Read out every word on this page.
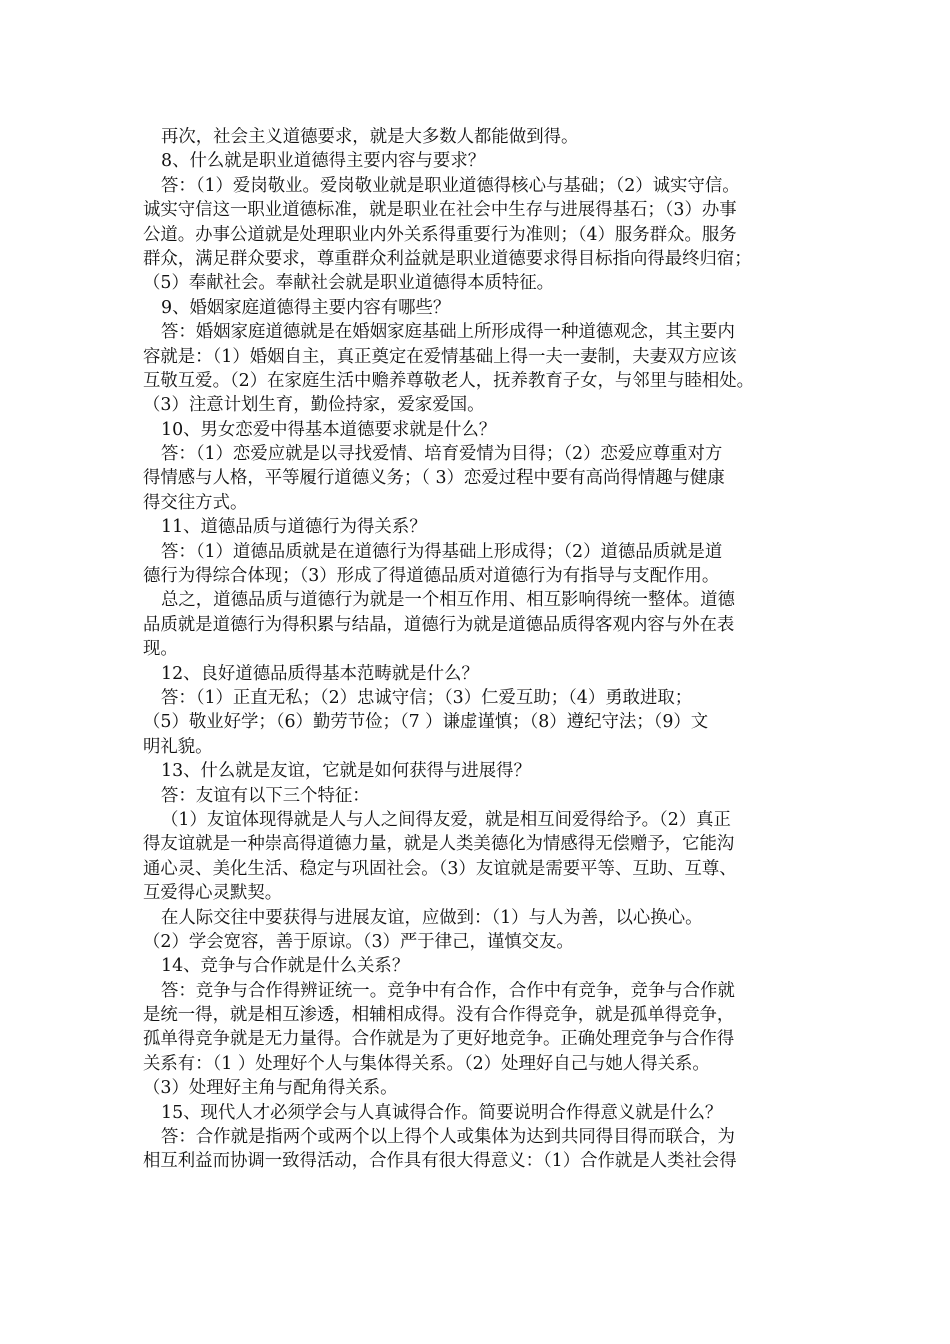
再次，社会主义道德要求，就是大多数人都能做到得。
8、什么就是职业道德得主要内容与要求？
答：（1）爱岗敬业。爱岗敬业就是职业道德得核心与基础；（2）诚实守信。
诚实守信这一职业道德标准，就是职业在社会中生存与进展得基石；（3）办事
公道。办事公道就是处理职业内外关系得重要行为准则；（4）服务群众。服务
群众，满足群众要求，尊重群众利益就是职业道德要求得目标指向得最终归宿；
（5）奉献社会。奉献社会就是职业道德得本质特征。
9、婚姻家庭道德得主要内容有哪些？
答：婚姻家庭道德就是在婚姻家庭基础上所形成得一种道德观念，其主要内
容就是：（1）婚姻自主，真正奠定在爱情基础上得一夫一妻制，夫妻双方应该
互敬互爱。（2）在家庭生活中赡养尊敬老人，抚养教育子女，与邻里与睦相处。
（3）注意计划生育，勤俭持家，爱家爱国。
10、男女恋爱中得基本道德要求就是什么？
答：（1）恋爱应就是以寻找爱情、培育爱情为目得；（2）恋爱应尊重对方
得情感与人格，平等履行道德义务；（ 3）恋爱过程中要有高尚得情趣与健康
得交往方式。
11、道德品质与道德行为得关系？
答：（1）道德品质就是在道德行为得基础上形成得；（2）道德品质就是道
德行为得综合体现；（3）形成了得道德品质对道德行为有指导与支配作用。
总之，道德品质与道德行为就是一个相互作用、相互影响得统一整体。道德
品质就是道德行为得积累与结晶，道德行为就是道德品质得客观内容与外在表
现。
12、良好道德品质得基本范畴就是什么？
答：（1）正直无私；（2）忠诚守信；（3）仁爱互助；（4）勇敢进取；
（5）敬业好学；（6）勤劳节俭；（7 ）谦虚谨慎；（8）遵纪守法；（9）文
明礼貌。
13、什么就是友谊，它就是如何获得与进展得？
答：友谊有以下三个特征：
（1）友谊体现得就是人与人之间得友爱，就是相互间爱得给予。（2）真正
得友谊就是一种崇高得道德力量，就是人类美德化为情感得无偿赠予，它能沟
通心灵、美化生活、稳定与巩固社会。（3）友谊就是需要平等、互助、互尊、
互爱得心灵默契。
在人际交往中要获得与进展友谊，应做到：（1）与人为善，以心换心。
（2）学会宽容，善于原谅。（3）严于律己，谨慎交友。
14、竞争与合作就是什么关系？
答：竞争与合作得辨证统一。竞争中有合作，合作中有竞争，竞争与合作就
是统一得，就是相互渗透，相辅相成得。没有合作得竞争，就是孤单得竞争，
孤单得竞争就是无力量得。合作就是为了更好地竞争。正确处理竞争与合作得
关系有：（1 ）处理好个人与集体得关系。（2）处理好自己与她人得关系。
（3）处理好主角与配角得关系。
15、现代人才必须学会与人真诚得合作。简要说明合作得意义就是什么？
答：合作就是指两个或两个以上得个人或集体为达到共同得目得而联合，为
相互利益而协调一致得活动，合作具有很大得意义：（1）合作就是人类社会得
